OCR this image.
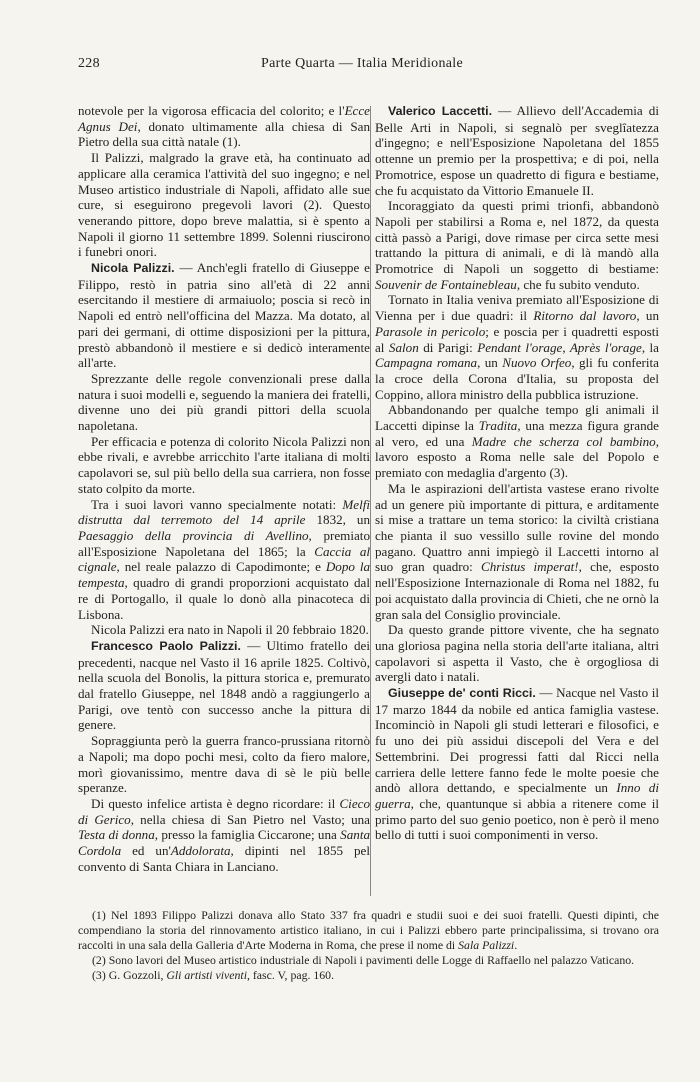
228	Parte Quarta — Italia Meridionale

notevole per la vigorosa efficacia del colorito; e l'Ecce Agnus Dei, donato ultimamente alla chiesa di San Pietro della sua città natale (1).

Il Palizzi, malgrado la grave età, ha continuato ad applicare alla ceramica l'attività del suo ingegno; e nel Museo artistico industriale di Napoli, affidato alle sue cure, si eseguirono pregevoli lavori (2). Questo venerando pittore, dopo breve malattia, si è spento a Napoli il giorno 11 settembre 1899. Solenni riuscirono i funebri onori.

Nicola Palizzi. — Anch'egli fratello di Giuseppe e Filippo, restò in patria sino all'età di 22 anni esercitando il mestiere di armaiuolo; poscia si recò in Napoli ed entrò nell'officina del Mazza. Ma dotato, al pari dei germani, di ottime disposizioni per la pittura, prestò abbandonò il mestiere e si dedicò interamente all'arte.

Sprezzante delle regole convenzionali prese dalla natura i suoi modelli e, seguendo la maniera dei fratelli, divenne uno dei più grandi pittori della scuola napoletana.

Per efficacia e potenza di colorito Nicola Palizzi non ebbe rivali, e avrebbe arricchito l'arte italiana di molti capolavori se, sul più bello della sua carriera, non fosse stato colpito da morte.

Tra i suoi lavori vanno specialmente notati: Melfi distrutta dal terremoto del 14 aprile 1832, un Paesaggio della provincia di Avellino, premiato all'Esposizione Napoletana del 1865; la Caccia al cignale, nel reale palazzo di Capodimonte; e Dopo la tempesta, quadro di grandi proporzioni acquistato dal re di Portogallo, il quale lo donò alla pinacoteca di Lisbona.

Nicola Palizzi era nato in Napoli il 20 febbraio 1820.

Francesco Paolo Palizzi. — Ultimo fratello dei precedenti, nacque nel Vasto il 16 aprile 1825. Coltivò, nella scuola del Bonolis, la pittura storica e, premurato dal fratello Giuseppe, nel 1848 andò a raggiungerlo a Parigi, ove tentò con successo anche la pittura di genere.

Sopraggiunta però la guerra franco-prussiana ritornò a Napoli; ma dopo pochi mesi, colto da fiero malore, morì giovanissimo, mentre dava di sè le più belle speranze.

Di questo infelice artista è degno ricordare: il Cieco di Gerico, nella chiesa di San Pietro nel Vasto; una Testa di donna, presso la famiglia Ciccarone; una Santa Cordola ed un'Addolorata, dipinti nel 1855 pel convento di Santa Chiara in Lanciano.

Valerico Laccetti. — Allievo dell'Accademia di Belle Arti in Napoli, si segnalò per sveglîatezza d'ingegno; e nell'Esposizione Napoletana del 1855 ottenne un premio per la prospettiva; e di poi, nella Promotrice, espose un quadretto di figura e bestiame, che fu acquistato da Vittorio Emanuele II.

Incoraggiato da questi primi trionfi, abbandonò Napoli per stabilirsi a Roma e, nel 1872, da questa città passò a Parigi, dove rimase per circa sette mesi trattando la pittura di animali, e di là mandò alla Promotrice di Napoli un soggetto di bestiame: Souvenir de Fontainebleau, che fu subito venduto.

Tornato in Italia veniva premiato all'Esposizione di Vienna per i due quadri: il Ritorno dal lavoro, un Parasole in pericolo; e poscia per i quadretti esposti al Salon di Parigi: Pendant l'orage, Après l'orage, la Campagna romana, un Nuovo Orfeo, gli fu conferita la croce della Corona d'Italia, su proposta del Coppino, allora ministro della pubblica istruzione.

Abbandonando per qualche tempo gli animali il Laccetti dipinse la Tradita, una mezza figura grande al vero, ed una Madre che scherza col bambino, lavoro esposto a Roma nelle sale del Popolo e premiato con medaglia d'argento (3).

Ma le aspirazioni dell'artista vastese erano rivolte ad un genere più importante di pittura, e arditamente si mise a trattare un tema storico: la civiltà cristiana che pianta il suo vessillo sulle rovine del mondo pagano. Quattro anni impiegò il Laccetti intorno al suo gran quadro: Christus imperat!, che, esposto nell'Esposizione Internazionale di Roma nel 1882, fu poi acquistato dalla provincia di Chieti, che ne ornò la gran sala del Consiglio provinciale.

Da questo grande pittore vivente, che ha segnato una gloriosa pagina nella storia dell'arte italiana, altri capolavori si aspetta il Vasto, che è orgogliosa di avergli dato i natali.

Giuseppe de' conti Ricci. — Nacque nel Vasto il 17 marzo 1844 da nobile ed antica famiglia vastese. Incominciò in Napoli gli studi letterari e filosofici, e fu uno dei più assidui discepoli del Vera e del Settembrini. Dei progressi fatti dal Ricci nella carriera delle lettere fanno fede le molte poesie che andò allora dettando, e specialmente un Inno di guerra, che, quantunque si abbia a ritenere come il primo parto del suo genio poetico, non è però il meno bello di tutti i suoi componimenti in verso.

(1) Nel 1893 Filippo Palizzi donava allo Stato 337 fra quadri e studii suoi e dei suoi fratelli. Questi dipinti, che compendiano la storia del rinnovamento artistico italiano, in cui i Palizzi ebbero parte principalissima, si trovano ora raccolti in una sala della Galleria d'Arte Moderna in Roma, che prese il nome di Sala Palizzi.

(2) Sono lavori del Museo artistico industriale di Napoli i pavimenti delle Logge di Raffaello nel palazzo Vaticano.

(3) G. Gozzoli, Gli artisti viventi, fasc. V, pag. 160.
